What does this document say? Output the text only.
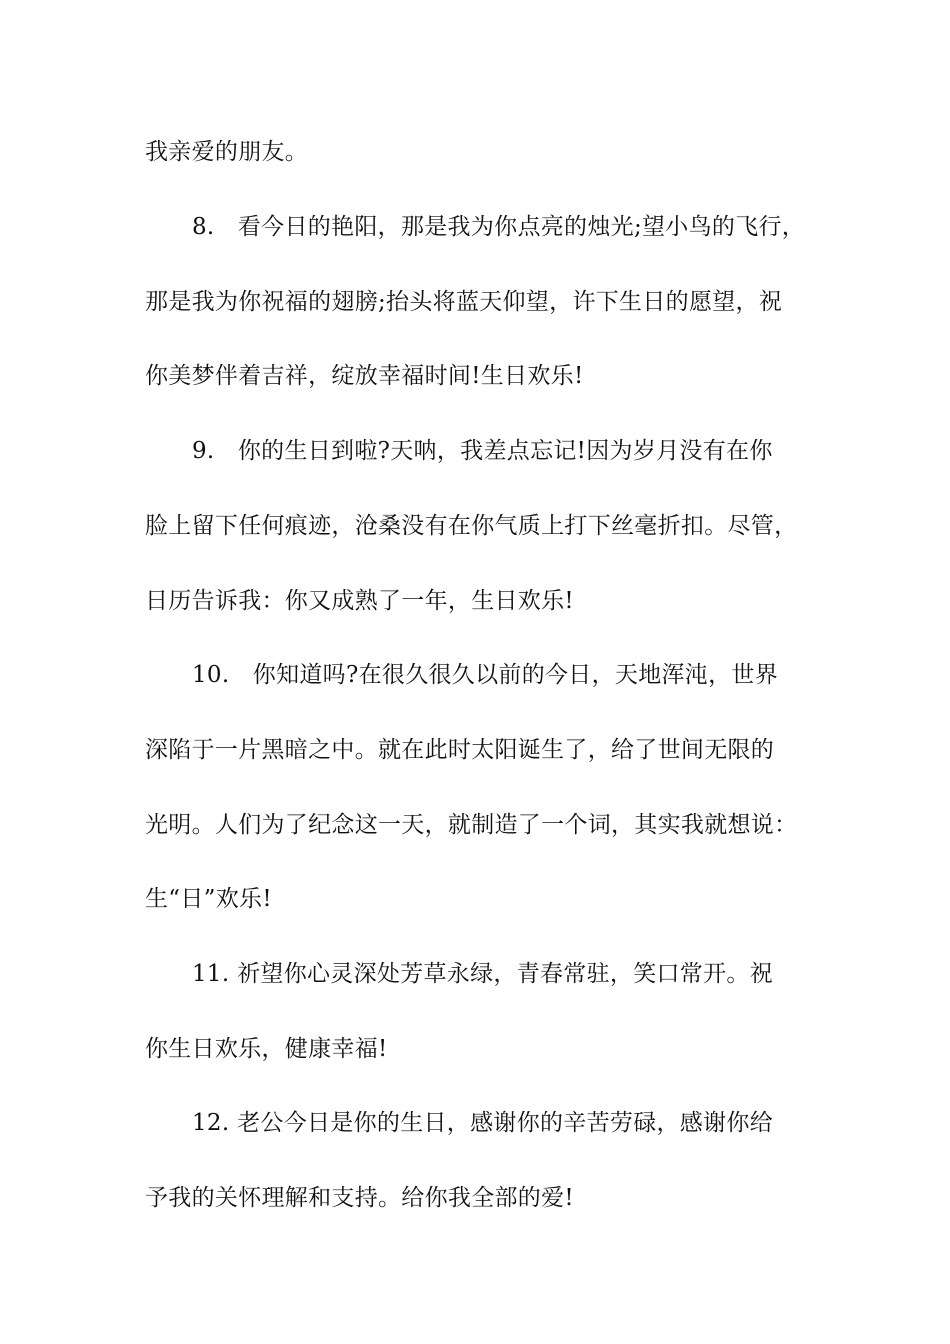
我亲爱的朋友。
8.　看今日的艳阳，那是我为你点亮的烛光;望小鸟的飞行，
那是我为你祝福的翅膀;抬头将蓝天仰望，许下生日的愿望，祝
你美梦伴着吉祥，绽放幸福时间!生日欢乐!
9.　你的生日到啦?天呐，我差点忘记!因为岁月没有在你
脸上留下任何痕迹，沧桑没有在你气质上打下丝毫折扣。尽管，
日历告诉我：你又成熟了一年，生日欢乐!
10.　你知道吗?在很久很久以前的今日，天地浑沌，世界
深陷于一片黑暗之中。就在此时太阳诞生了，给了世间无限的
光明。人们为了纪念这一天，就制造了一个词，其实我就想说：
生“日”欢乐!
11. 祈望你心灵深处芳草永绿，青春常驻，笑口常开。祝
你生日欢乐，健康幸福!
12. 老公今日是你的生日，感谢你的辛苦劳碌，感谢你给
予我的关怀理解和支持。给你我全部的爱!
